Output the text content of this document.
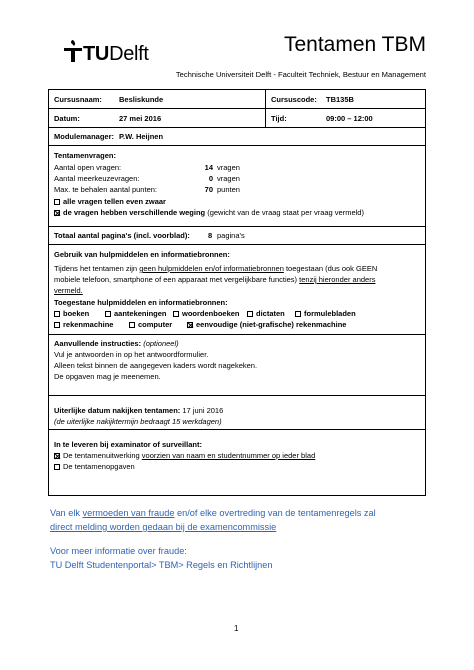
TUDelft	Tentamen TBM
Technische Universiteit Delft - Faculteit Techniek, Bestuur en Management
Cursusnaam: Besliskunde	Cursuscode: TB135B
Datum:	27 mei 2016	Tijd:	09:00 – 12:00
Modulemanager: P.W. Heijnen
Tentamenvragen:
Aantal open vragen:	14 vragen
Aantal meerkeuzevragen:	0 vragen
Max. te behalen aantal punten:	70 punten
alle vragen tellen even zwaar
de vragen hebben verschillende weging (gewicht van de vraag staat per vraag vermeld)
Totaal aantal pagina's (incl. voorblad): 8 pagina's
Gebruik van hulpmiddelen en informatiebronnen:
Tijdens het tentamen zijn geen hulpmiddelen en/of informatiebronnen toegestaan (dus ook GEEN
mobiele telefoon, smartphone of een apparaat met vergelijkbare functies) tenzij hieronder anders
vermeld.
Toegestane hulpmiddelen en informatiebronnen:
boeken	aantekeningen	woordenboeken	dictaten	formulebladen
rekenmachine	computer	eenvoudige (niet-grafische) rekenmachine
Aanvullende instructies: (optioneel)
Vul je antwoorden in op het antwoordformulier.
Alleen tekst binnen de aangegeven kaders wordt nagekeken.
De opgaven mag je meenemen.
Uiterlijke datum nakijken tentamen: 17 juni 2016
(de uiterlijke nakijktermijn bedraagt 15 werkdagen)
In te leveren bij examinator of surveillant:
De tentamenuitwerking voorzien van naam en studentnummer op ieder blad
De tentamenopgaven
Van elk vermoeden van fraude en/of elke overtreding van de tentamenregels zal
direct melding worden gedaan bij de examencommissie
Voor meer informatie over fraude:
TU Delft Studentenportal> TBM> Regels en Richtlijnen
1
